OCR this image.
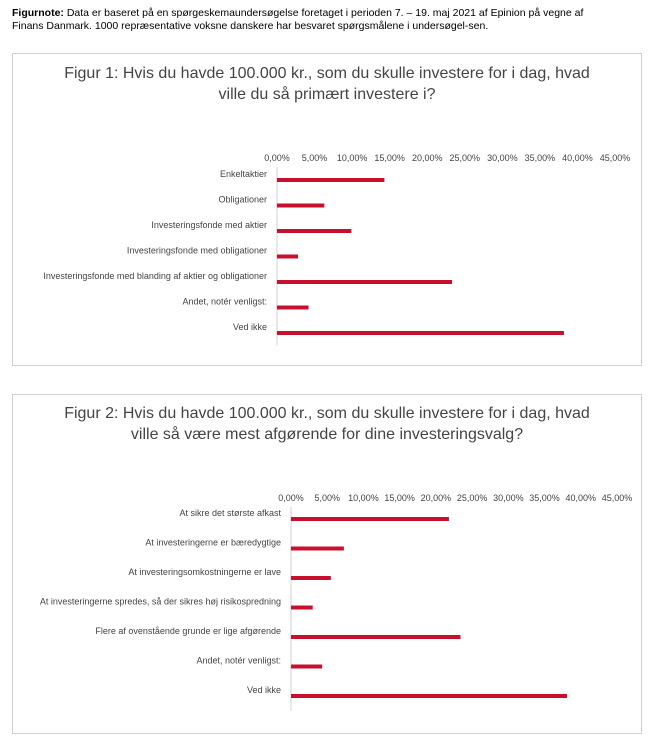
Figurnote: Data er baseret på en spørgeskemaundersøgelse foretaget i perioden 7. – 19. maj 2021 af Epinion på vegne af Finans Danmark. 1000 repræsentative voksne danskere har besvaret spørgsmålene i undersøgel-sen.
Figur 1: Hvis du havde 100.000 kr., som du skulle investere for i dag, hvad
ville du så primært investere i?
0,00% 5,00% 10,00% 15,00% 20,00% 25,00% 30,00% 35,00% 40,00% 45,00%
Enkeltaktier
Obligationer
Investeringsfonde med aktier
Investeringsfonde med obligationer
Investeringsfonde med blanding af aktier og obligationer
Andet, notér venligst:
Ved ikke
Figur 2: Hvis du havde 100.000 kr., som du skulle investere for i dag, hvad
ville så være mest afgørende for dine investeringsvalg?
0,00% 5,00% 10,00% 15,00% 20,00% 25,00% 30,00% 35,00% 40,00% 45,00%
At sikre det største afkast
At investeringerne er bæredygtige
At investeringsomkostningerne er lave
At investeringerne spredes, så der sikres høj risikospredning
Flere af ovenstående grunde er lige afgørende
Andet, notér venligst:
Ved ikke
